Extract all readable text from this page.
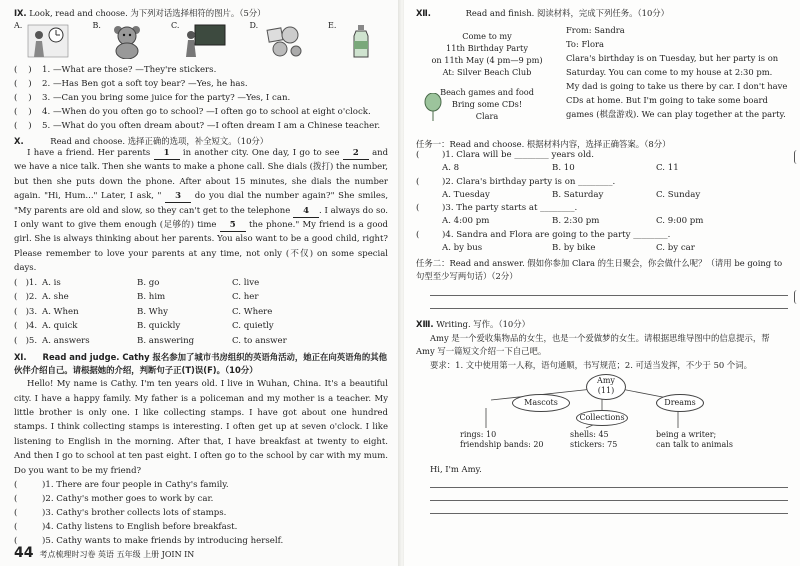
Ⅸ. Look, read and choose. 为下列对话选择相符的图片。（5分）
A.	B.	C.	D.	E.
(    )	1 . —What are those? —They're stickers.
(    )	2 . —Has Ben got a soft toy bear? —Yes, he has.
(    )	3 . —Can you bring some juice for the party? —Yes, I can.
(    )	4 . —When do you often go to school? —I often go to school at eight o'clock.
(    )	5 . —What do you often dream about? —I often dream I am a Chinese teacher.
Ⅹ.	Read and choose. 选择正确的选项，补全短文。（10分）
I have a friend. Her parents 1 in another city. One day, I go to see 2 and we have a nice talk. Then she wants to make a phone call. She dials (拨打) the number, but then she puts down the phone. After about 15 minutes, she dials the number again. "Hi, Hum..." Later, I ask, " 3 do you dial the number again?" She smiles, "My parents are old and slow, so they can't get to the telephone 4 . I always do so. I only want to give them enough (足够的) time 5 the phone." My friend is a good girl. She is always thinking about her parents. You also want to be a good child, right? Please remember to love your parents at any time, not only (不仅) on some special days.
(   )1. A. is	B. go	C. live
(   )2. A. she	B. him	C. her
(   )3. A. When	B. Why	C. Where
(   )4. A. quick	B. quickly	C. quietly
(   )5. A. answers	B. answering	C. to answer
Ⅺ. Read and judge. Cathy 报名参加了城市书房组织的英语角活动，她正在向英语角的其他伙伴介绍自己。请根据她的介绍，判断句子正(T)误(F)。（10分）
Hello! My name is Cathy. I'm ten years old. I live in Wuhan, China. It's a beautiful city. I have a happy family. My father is a policeman and my mother is a teacher. My little brother is only one. I like collecting stamps. I have got about one hundred stamps. I think collecting stamps is interesting. I often get up at seven o'clock. I like listening to English in the morning. After that, I have breakfast at twenty to eight. And then I go to school at ten past eight. I often go to the school by car with my mum. Do you want to be my friend?
(	)1.
There are four people in Cathy's family.
(	)2.
Cathy's mother goes to work by car.
(	)3.
Cathy's brother collects lots of stamps.
(	)4.
Cathy listens to English before breakfast.
(	)5.
Cathy wants to make friends by introducing herself.
44 考点梳理时习卷 英语 五年级 上册 JOIN IN
Ⅻ.	Read and finish. 阅读材料，完成下列任务。（10分）
Come to my
11th Birthday Party
on 11th May (4 pm—9 pm)
At: Silver Beach Club
Beach games and food
Bring some CDs!
Clara
From: Sandra
To: Flora
Clara's birthday is on Tuesday, but her party is on Saturday. You can come to my house at 2:30 pm. My dad is going to take us there by car. I don't have CDs at home. But I'm going to take some board games (棋盘游戏). We can play together at the party.
任务一：Read and choose. 根据材料内容，选择正确答案。（8分）
(	)1.
Clara will be ________ years old.
A. 8	B. 10	C. 11
(	)2.
Clara's birthday party is on ________.
A. Tuesday	B. Saturday	C. Sunday
(	)3.
The party starts at ________.
A. 4:00 pm	B. 2:30 pm	C. 9:00 pm
(	)4.
Sandra and Flora are going to the party ________.
A. by bus	B. by bike	C. by car
任务二：Read and answer. 假如你参加 Clara 的生日聚会，你会做什么呢？（请用 be going to 句型至少写两句话）（2分）
ⅩⅢ. Writing. 写作。（10分）
Amy 是一个爱收集物品的女生，也是一个爱做梦的女生。请根据思维导图中的信息提示，帮 Amy 写一篇短文介绍一下自己吧。
要求：1. 文中使用第一人称，语句通顺，书写规范；2. 可适当发挥，不少于 50 个词。
Amy
(11)
Mascots
Collections
Dreams
rings: 10
friendship bands: 20
shells: 45
stickers: 75
being a writer;
can talk to animals
Hi, I'm Amy.
